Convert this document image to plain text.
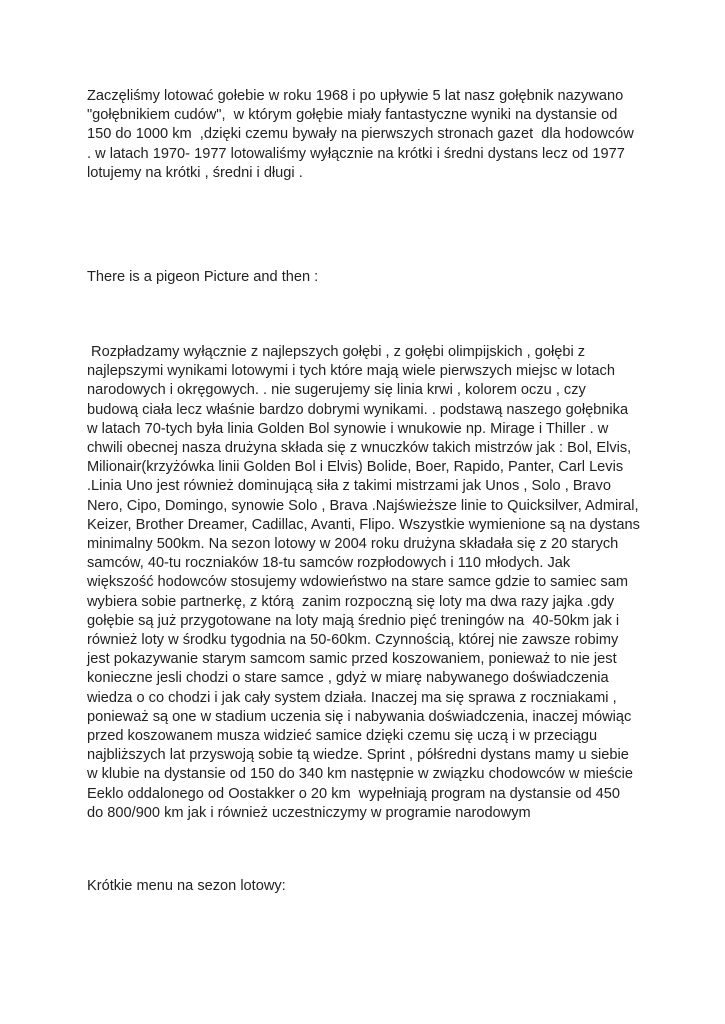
Zaczęliśmy lotować gołebie w roku 1968 i po upływie 5 lat nasz gołębnik nazywano
"gołębnikiem cudów",  w którym gołębie miały fantastyczne wyniki na dystansie od
150 do 1000 km  ,dzięki czemu bywały na pierwszych stronach gazet  dla hodowców
. w latach 1970- 1977 lotowaliśmy wyłącznie na krótki i średni dystans lecz od 1977
lotujemy na krótki , średni i długi .

There is a pigeon Picture and then :

Rozpładzamy wyłącznie z najlepszych gołębi , z gołębi olimpijskich , gołębi z
najlepszymi wynikami lotowymi i tych które mają wiele pierwszych miejsc w lotach
narodowych i okręgowych. . nie sugerujemy się linia krwi , kolorem oczu , czy
budową ciała lecz właśnie bardzo dobrymi wynikami. . podstawą naszego gołębnika
w latach 70-tych była linia Golden Bol synowie i wnukowie np. Mirage i Thiller . w
chwili obecnej nasza drużyna składa się z wnuczków takich mistrzów jak : Bol, Elvis,
Milionair(krzyżówka linii Golden Bol i Elvis) Bolide, Boer, Rapido, Panter, Carl Levis
.Linia Uno jest również dominującą siła z takimi mistrzami jak Unos , Solo , Bravo
Nero, Cipo, Domingo, synowie Solo , Brava .Najświeższe linie to Quicksilver, Admiral,
Keizer, Brother Dreamer, Cadillac, Avanti, Flipo. Wszystkie wymienione są na dystans
minimalny 500km. Na sezon lotowy w 2004 roku drużyna składała się z 20 starych
samców, 40-tu roczniaków 18-tu samców rozpłodowych i 110 młodych. Jak
większość hodowców stosujemy wdowieństwo na stare samce gdzie to samiec sam
wybiera sobie partnerkę, z którą  zanim rozpoczną się loty ma dwa razy jajka .gdy
gołębie są już przygotowane na loty mają średnio pięć treningów na  40-50km jak i
również loty w środku tygodnia na 50-60km. Czynnością, której nie zawsze robimy
jest pokazywanie starym samcom samic przed koszowaniem, ponieważ to nie jest
konieczne jesli chodzi o stare samce , gdyż w miarę nabywanego doświadczenia
wiedza o co chodzi i jak cały system działa. Inaczej ma się sprawa z roczniakami ,
ponieważ są one w stadium uczenia się i nabywania doświadczenia, inaczej mówiąc
przed koszowanem musza widzieć samice dzięki czemu się uczą i w przeciągu
najbliższych lat przyswoją sobie tą wiedze. Sprint , półśredni dystans mamy u siebie
w klubie na dystansie od 150 do 340 km następnie w związku chodowców w mieście
Eeklo oddalonego od Oostakker o 20 km  wypełniają program na dystansie od 450
do 800/900 km jak i również uczestniczymy w programie narodowym

Krótkie menu na sezon lotowy:
